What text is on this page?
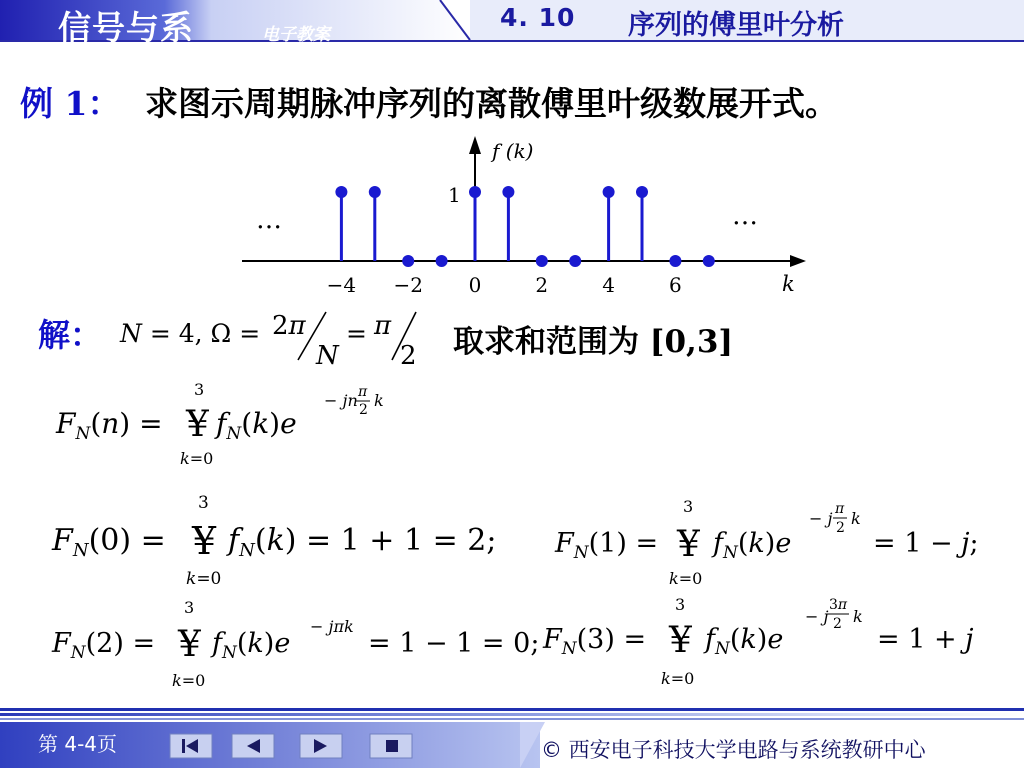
信号与系	电子教案
4. 10 序列的傅里叶分析
例 1： 求图示周期脉冲序列的离散傅里叶级数展开式。
f (k)
k
1
…	…
−4 −2 0	2	4	6
解： N = 4, Ω = 2π
N
= π
2 取求和范围为 [0,3]
$F_N(n)$ =
3
¥
k=0
$f_N(k)e$
− jn π
2 k
$F_N(0)$ =
3
¥
k=0
$f_N(k) = 1 + 1 = 2$; $F_N(1)$ =
3
¥
k=0
$f_N(k)e$
− j π
2 k
= 1 − j;
$F_N(2)$ =
3
¥
k=0
$f_N(k)e$
− jπk
= 1 − 1 = 0; $F_N(3)$ =
3
¥
k=0
$f_N(k)e$
− j
3π
2 k
= 1 + j
第 4-4页	© 西安电子科技大学电路与系统教研中心
